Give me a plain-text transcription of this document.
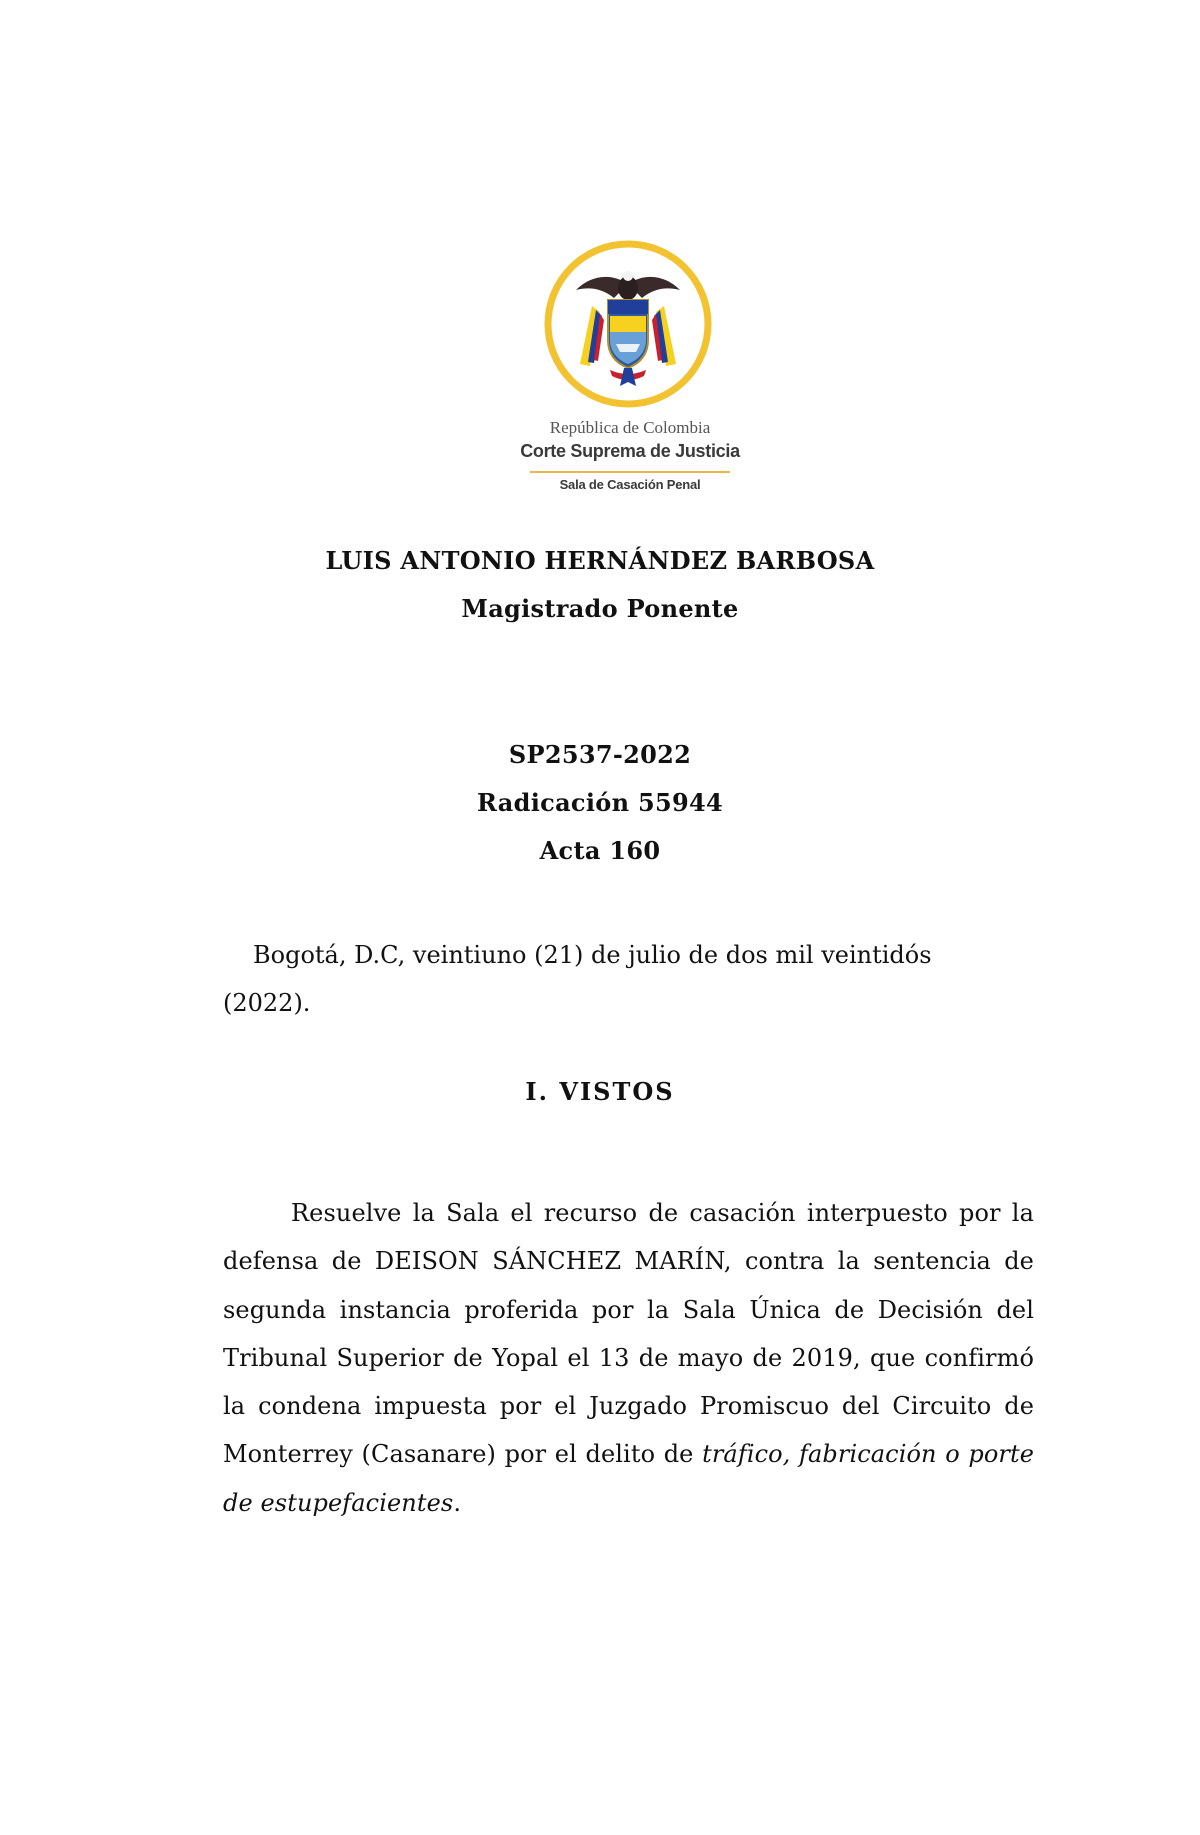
República de Colombia
Corte Suprema de Justicia
Sala de Casación Penal
LUIS ANTONIO HERNÁNDEZ BARBOSA
Magistrado Ponente
SP2537-2022
Radicación 55944
Acta 160
Bogotá, D.C, veintiuno (21) de julio de dos mil veintidós (2022).
I. VISTOS

Resuelve la Sala el recurso de casación interpuesto por la defensa de DEISON SÁNCHEZ MARÍN, contra la sentencia de segunda instancia proferida por la Sala Única de Decisión del Tribunal Superior de Yopal el 13 de mayo de 2019, que confirmó la condena impuesta por el Juzgado Promiscuo del Circuito de Monterrey (Casanare) por el delito de tráfico, fabricación o porte de estupefacientes.
